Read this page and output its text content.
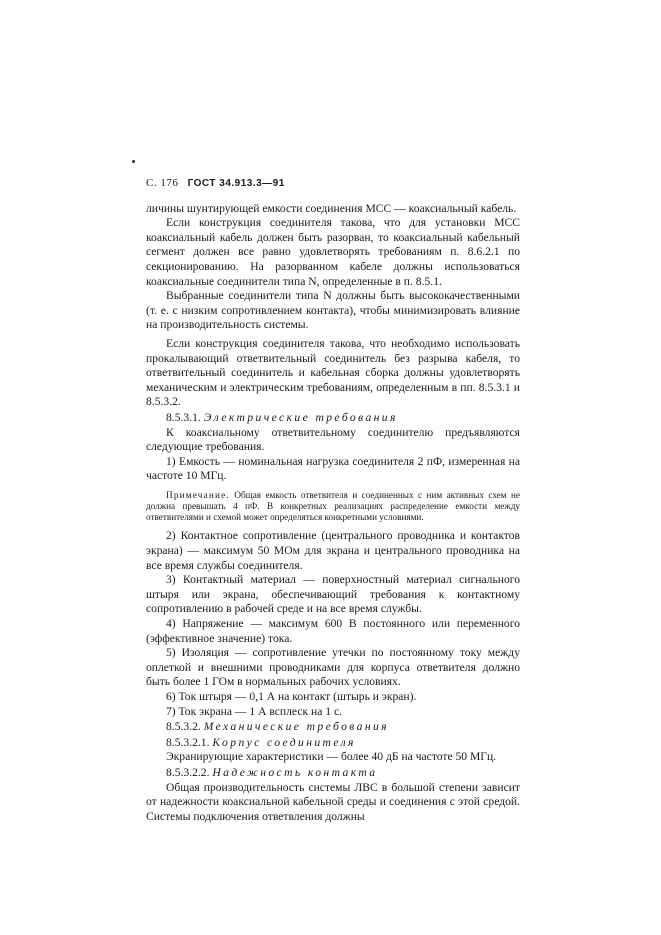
С. 176 ГОСТ 34.913.3—91

личины шунтирующей емкости соединения МСС — коаксиальный кабель.

Если конструкция соединителя такова, что для установки МСС коаксиальный кабель должен быть разорван, то коаксиальный кабельный сегмент должен все равно удовлетворять требованиям п. 8.6.2.1 по секционированию. На разорванном кабеле должны использоваться коаксиальные соединители типа N, определенные в п. 8.5.1.

Выбранные соединители типа N должны быть высококачественными (т. е. с низким сопротивлением контакта), чтобы минимизировать влияние на производительность системы.

Если конструкция соединителя такова, что необходимо использовать прокалывающий ответвительный соединитель без разрыва кабеля, то ответвительный соединитель и кабельная сборка должны удовлетворять механическим и электрическим требованиям, определенным в пп. 8.5.3.1 и 8.5.3.2.

8.5.3.1. Электрические требования

К коаксиальному ответвительному соединителю предъявляются следующие требования.

1) Емкость — номинальная нагрузка соединителя 2 пФ, измеренная на частоте 10 МГц.

Примечание. Общая емкость ответвителя и соединенных с ним активных схем не должна превышать 4 пФ. В конкретных реализациях распределение емкости между ответвителями и схемой может определяться конкретными условиями.

2) Контактное сопротивление (центрального проводника и контактов экрана) — максимум 50 МОм для экрана и центрального проводника на все время службы соединителя.

3) Контактный материал — поверхностный материал сигнального штыря или экрана, обеспечивающий требования к контактному сопротивлению в рабочей среде и на все время службы.

4) Напряжение — максимум 600 В постоянного или переменного (эффективное значение) тока.

5) Изоляция — сопротивление утечки по постоянному току между оплеткой и внешними проводниками для корпуса ответвителя должно быть более 1 ГОм в нормальных рабочих условиях.

6) Ток штыря — 0,1 А на контакт (штырь и экран).

7) Ток экрана — 1 А всплеск на 1 с.

8.5.3.2. Механические требования

8.5.3.2.1. Корпус соединителя

Экранирующие характеристики — более 40 дБ на частоте 50 МГц.

8.5.3.2.2. Надежность контакта

Общая производительность системы ЛВС в большой степени зависит от надежности коаксиальной кабельной среды и соединения с этой средой. Системы подключения ответвления должны
